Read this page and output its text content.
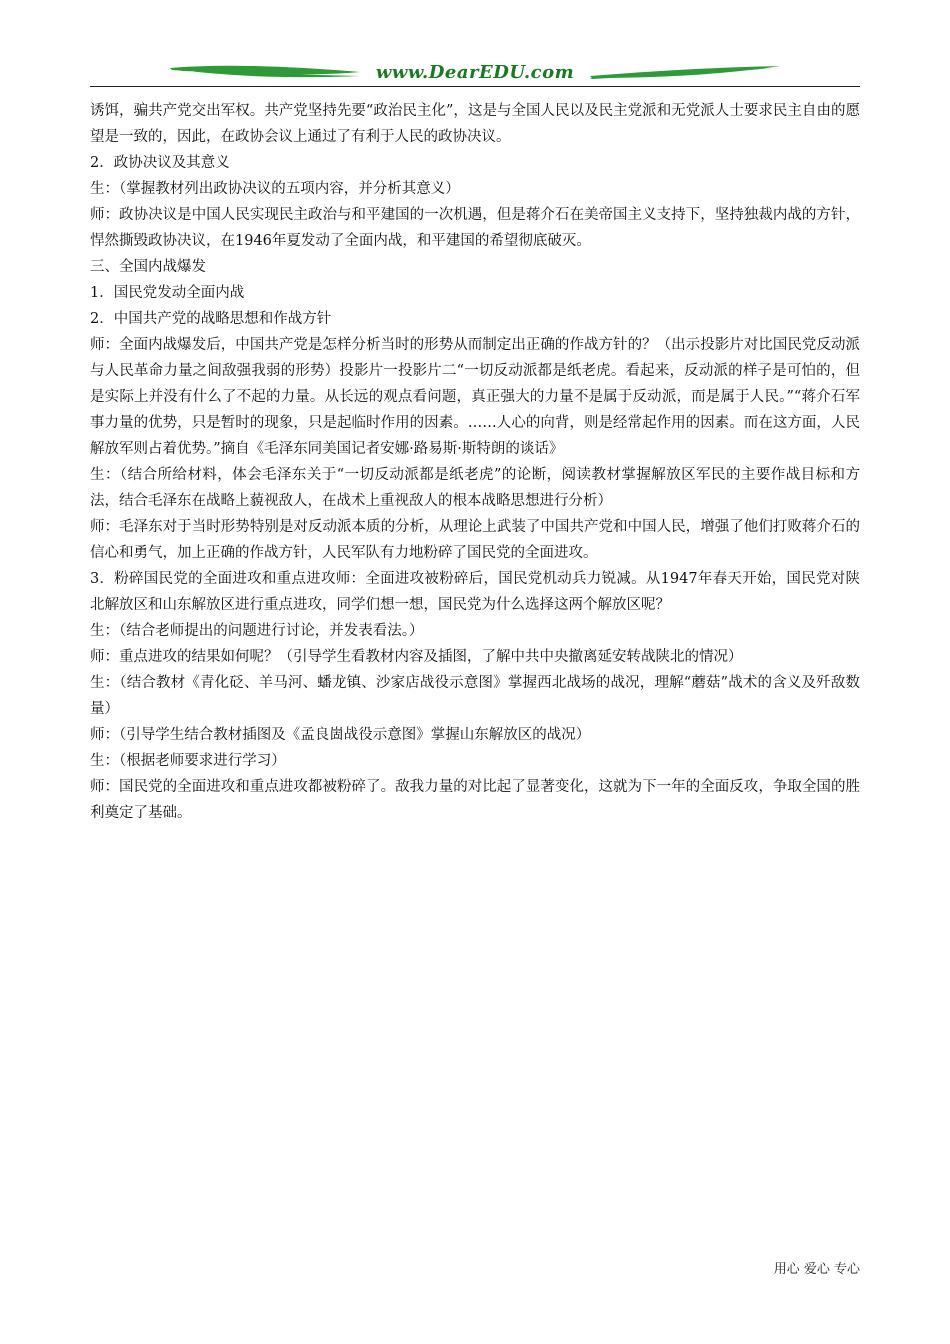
www.DearEDU.com

诱饵，骗共产党交出军权。共产党坚持先要“政治民主化”，这是与全国人民以及民主党派和无党派人士要求民主自由的愿望是一致的，因此，在政协会议上通过了有利于人民的政协决议。

2．政协决议及其意义

生：（掌握教材列出政协决议的五项内容，并分析其意义）

师：政协决议是中国人民实现民主政治与和平建国的一次机遇，但是蒋介石在美帝国主义支持下，坚持独裁内战的方针，悍然撕毁政协决议，在1946年夏发动了全面内战，和平建国的希望彻底破灭。

三、全国内战爆发

1．国民党发动全面内战

2．中国共产党的战略思想和作战方针

师：全面内战爆发后，中国共产党是怎样分析当时的形势从而制定出正确的作战方针的？（出示投影片对比国民党反动派与人民革命力量之间敌强我弱的形势）投影片一投影片二“一切反动派都是纸老虎。看起来，反动派的样子是可怕的，但是实际上并没有什么了不起的力量。从长远的观点看问题，真正强大的力量不是属于反动派，而是属于人民。”“蒋介石军事力量的优势，只是暂时的现象，只是起临时作用的因素。……人心的向背，则是经常起作用的因素。而在这方面，人民解放军则占着优势。”摘自《毛泽东同美国记者安娜·路易斯·斯特朗的谈话》

生：（结合所给材料，体会毛泽东关于“一切反动派都是纸老虎”的论断，阅读教材掌握解放区军民的主要作战目标和方法，结合毛泽东在战略上藐视敌人，在战术上重视敌人的根本战略思想进行分析）

师：毛泽东对于当时形势特别是对反动派本质的分析，从理论上武装了中国共产党和中国人民，增强了他们打败蒋介石的信心和勇气，加上正确的作战方针，人民军队有力地粉碎了国民党的全面进攻。

3．粉碎国民党的全面进攻和重点进攻师：全面进攻被粉碎后，国民党机动兵力锐减。从1947年春天开始，国民党对陕北解放区和山东解放区进行重点进攻，同学们想一想，国民党为什么选择这两个解放区呢？

生：（结合老师提出的问题进行讨论，并发表看法。）

师：重点进攻的结果如何呢？（引导学生看教材内容及插图，了解中共中央撤离延安转战陕北的情况）

生：（结合教材《青化砭、羊马河、蟠龙镇、沙家店战役示意图》掌握西北战场的战况，理解“蘑菇”战术的含义及歼敌数量）

师：（引导学生结合教材插图及《孟良崮战役示意图》掌握山东解放区的战况）

生：（根据老师要求进行学习）

师：国民党的全面进攻和重点进攻都被粉碎了。敌我力量的对比起了显著变化，这就为下一年的全面反攻，争取全国的胜利奠定了基础。

用心 爱心 专心
